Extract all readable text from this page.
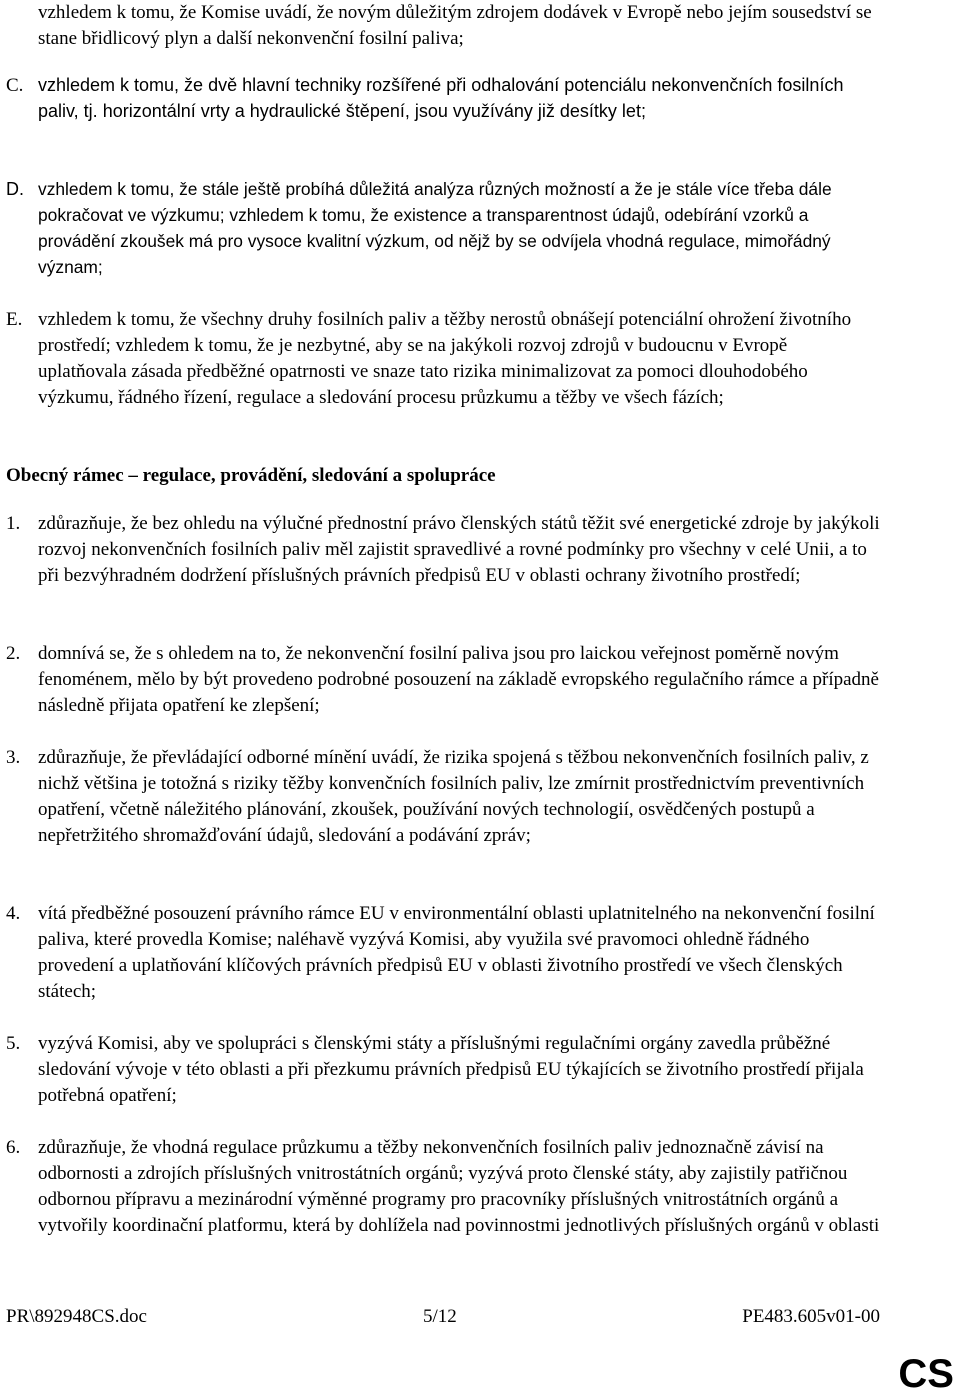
vzhledem k tomu, že Komise uvádí, že novým důležitým zdrojem dodávek v Evropě nebo jejím sousedství se stane břidlicový plyn a další nekonvenční fosilní paliva;
C. vzhledem k tomu, že dvě hlavní techniky rozšířené při odhalování potenciálu nekonvenčních fosilních paliv, tj. horizontální vrty a hydraulické štěpení, jsou využívány již desítky let;
D. vzhledem k tomu, že stále ještě probíhá důležitá analýza různých možností a že je stále více třeba dále pokračovat ve výzkumu; vzhledem k tomu, že existence a transparentnost údajů, odebírání vzorků a provádění zkoušek má pro vysoce kvalitní výzkum, od nějž by se odvíjela vhodná regulace, mimořádný význam;
E. vzhledem k tomu, že všechny druhy fosilních paliv a těžby nerostů obnášejí potenciální ohrožení životního prostředí; vzhledem k tomu, že je nezbytné, aby se na jakýkoli rozvoj zdrojů v budoucnu v Evropě uplatňovala zásada předběžné opatrnosti ve snaze tato rizika minimalizovat za pomoci dlouhodobého výzkumu, řádného řízení, regulace a sledování procesu průzkumu a těžby ve všech fázích;
Obecný rámec – regulace, provádění, sledování a spolupráce
1. zdůrazňuje, že bez ohledu na výlučné přednostní právo členských států těžit své energetické zdroje by jakýkoli rozvoj nekonvenčních fosilních paliv měl zajistit spravedlivé a rovné podmínky pro všechny v celé Unii, a to při bezvýhradném dodržení příslušných právních předpisů EU v oblasti ochrany životního prostředí;
2. domnívá se, že s ohledem na to, že nekonvenční fosilní paliva jsou pro laickou veřejnost poměrně novým fenoménem, mělo by být provedeno podrobné posouzení na základě evropského regulačního rámce a případně následně přijata opatření ke zlepšení;
3. zdůrazňuje, že převládající odborné mínění uvádí, že rizika spojená s těžbou nekonvenčních fosilních paliv, z nichž většina je totožná s riziky těžby konvenčních fosilních paliv, lze zmírnit prostřednictvím preventivních opatření, včetně náležitého plánování, zkoušek, používání nových technologií, osvědčených postupů a nepřetržitého shromažďování údajů, sledování a podávání zpráv;
4. vítá předběžné posouzení právního rámce EU v environmentální oblasti uplatnitelného na nekonvenční fosilní paliva, které provedla Komise; naléhavě vyzývá Komisi, aby využila své pravomoci ohledně řádného provedení a uplatňování klíčových právních předpisů EU v oblasti životního prostředí ve všech členských státech;
5. vyzývá Komisi, aby ve spolupráci s členskými státy a příslušnými regulačními orgány zavedla průběžné sledování vývoje v této oblasti a při přezkumu právních předpisů EU týkajících se životního prostředí přijala potřebná opatření;
6. zdůrazňuje, že vhodná regulace průzkumu a těžby nekonvenčních fosilních paliv jednoznačně závisí na odbornosti a zdrojích příslušných vnitrostátních orgánů; vyzývá proto členské státy, aby zajistily patřičnou odbornou přípravu a mezinárodní výměnné programy pro pracovníky příslušných vnitrostátních orgánů a vytvořily koordinační platformu, která by dohlížela nad povinnostmi jednotlivých příslušných orgánů v oblasti
PR\892948CS.doc	5/12	PE483.605v01-00
CS
